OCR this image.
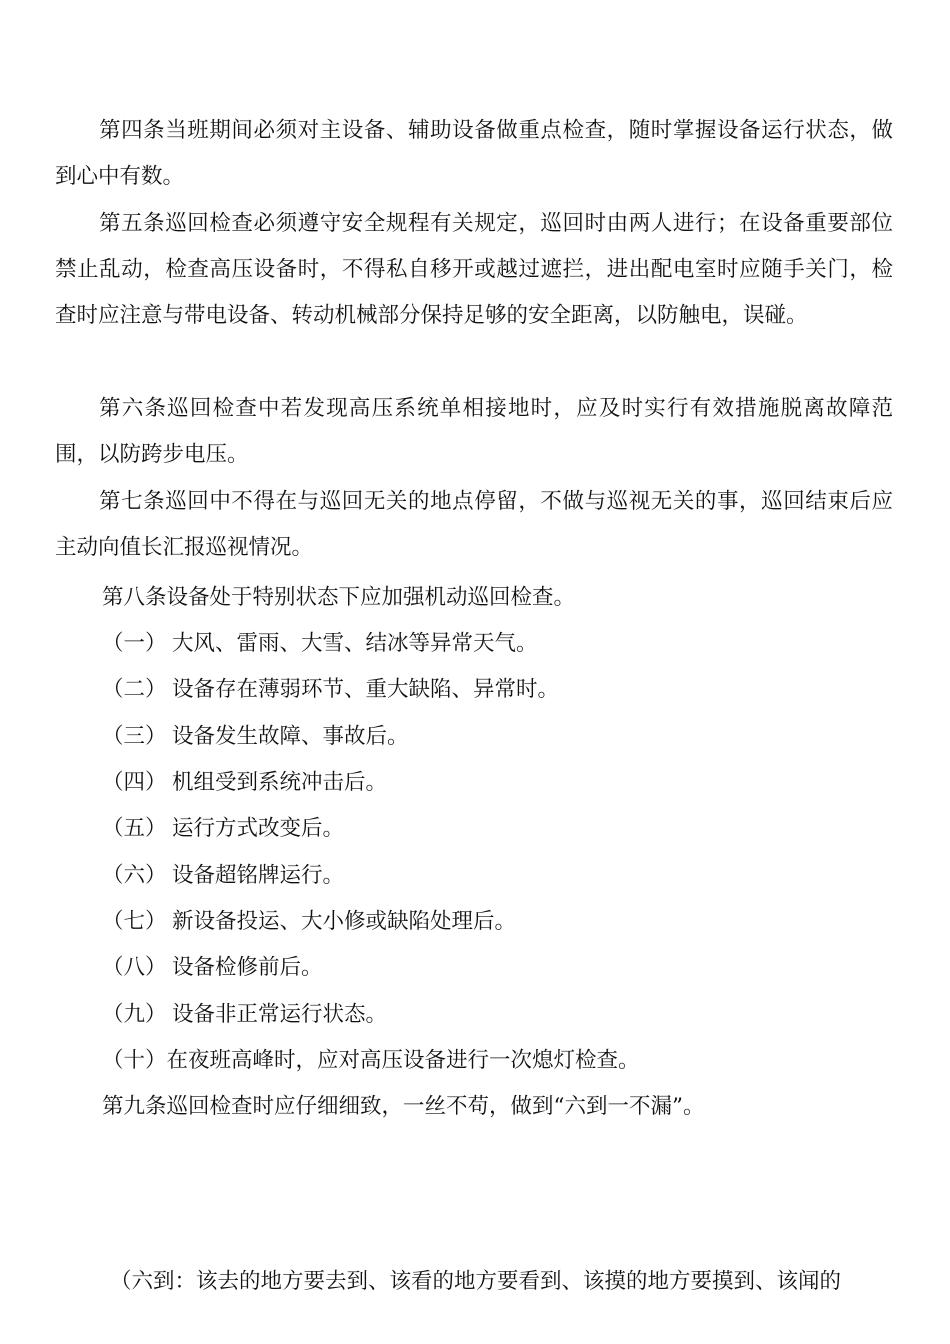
第四条当班期间必须对主设备、辅助设备做重点检查，随时掌握设备运行状态，做到心中有数。

第五条巡回检查必须遵守安全规程有关规定，巡回时由两人进行；在设备重要部位禁止乱动，检查高压设备时，不得私自移开或越过遮拦，进出配电室时应随手关门，检查时应注意与带电设备、转动机械部分保持足够的安全距离，以防触电，误碰。

第六条巡回检查中若发现高压系统单相接地时，应及时实行有效措施脱离故障范围，以防跨步电压。

第七条巡回中不得在与巡回无关的地点停留，不做与巡视无关的事，巡回结束后应主动向值长汇报巡视情况。

第八条设备处于特别状态下应加强机动巡回检查。

（一） 大风、雷雨、大雪、结冰等异常天气。

（二） 设备存在薄弱环节、重大缺陷、异常时。

（三） 设备发生故障、事故后。

（四） 机组受到系统冲击后。

（五） 运行方式改变后。

（六） 设备超铭牌运行。

（七） 新设备投运、大小修或缺陷处理后。

（八） 设备检修前后。

（九） 设备非正常运行状态。

（十）在夜班高峰时，应对高压设备进行一次熄灯检查。

第九条巡回检查时应仔细细致，一丝不苟，做到“六到一不漏”。

（六到：该去的地方要去到、该看的地方要看到、该摸的地方要摸到、该闻的
